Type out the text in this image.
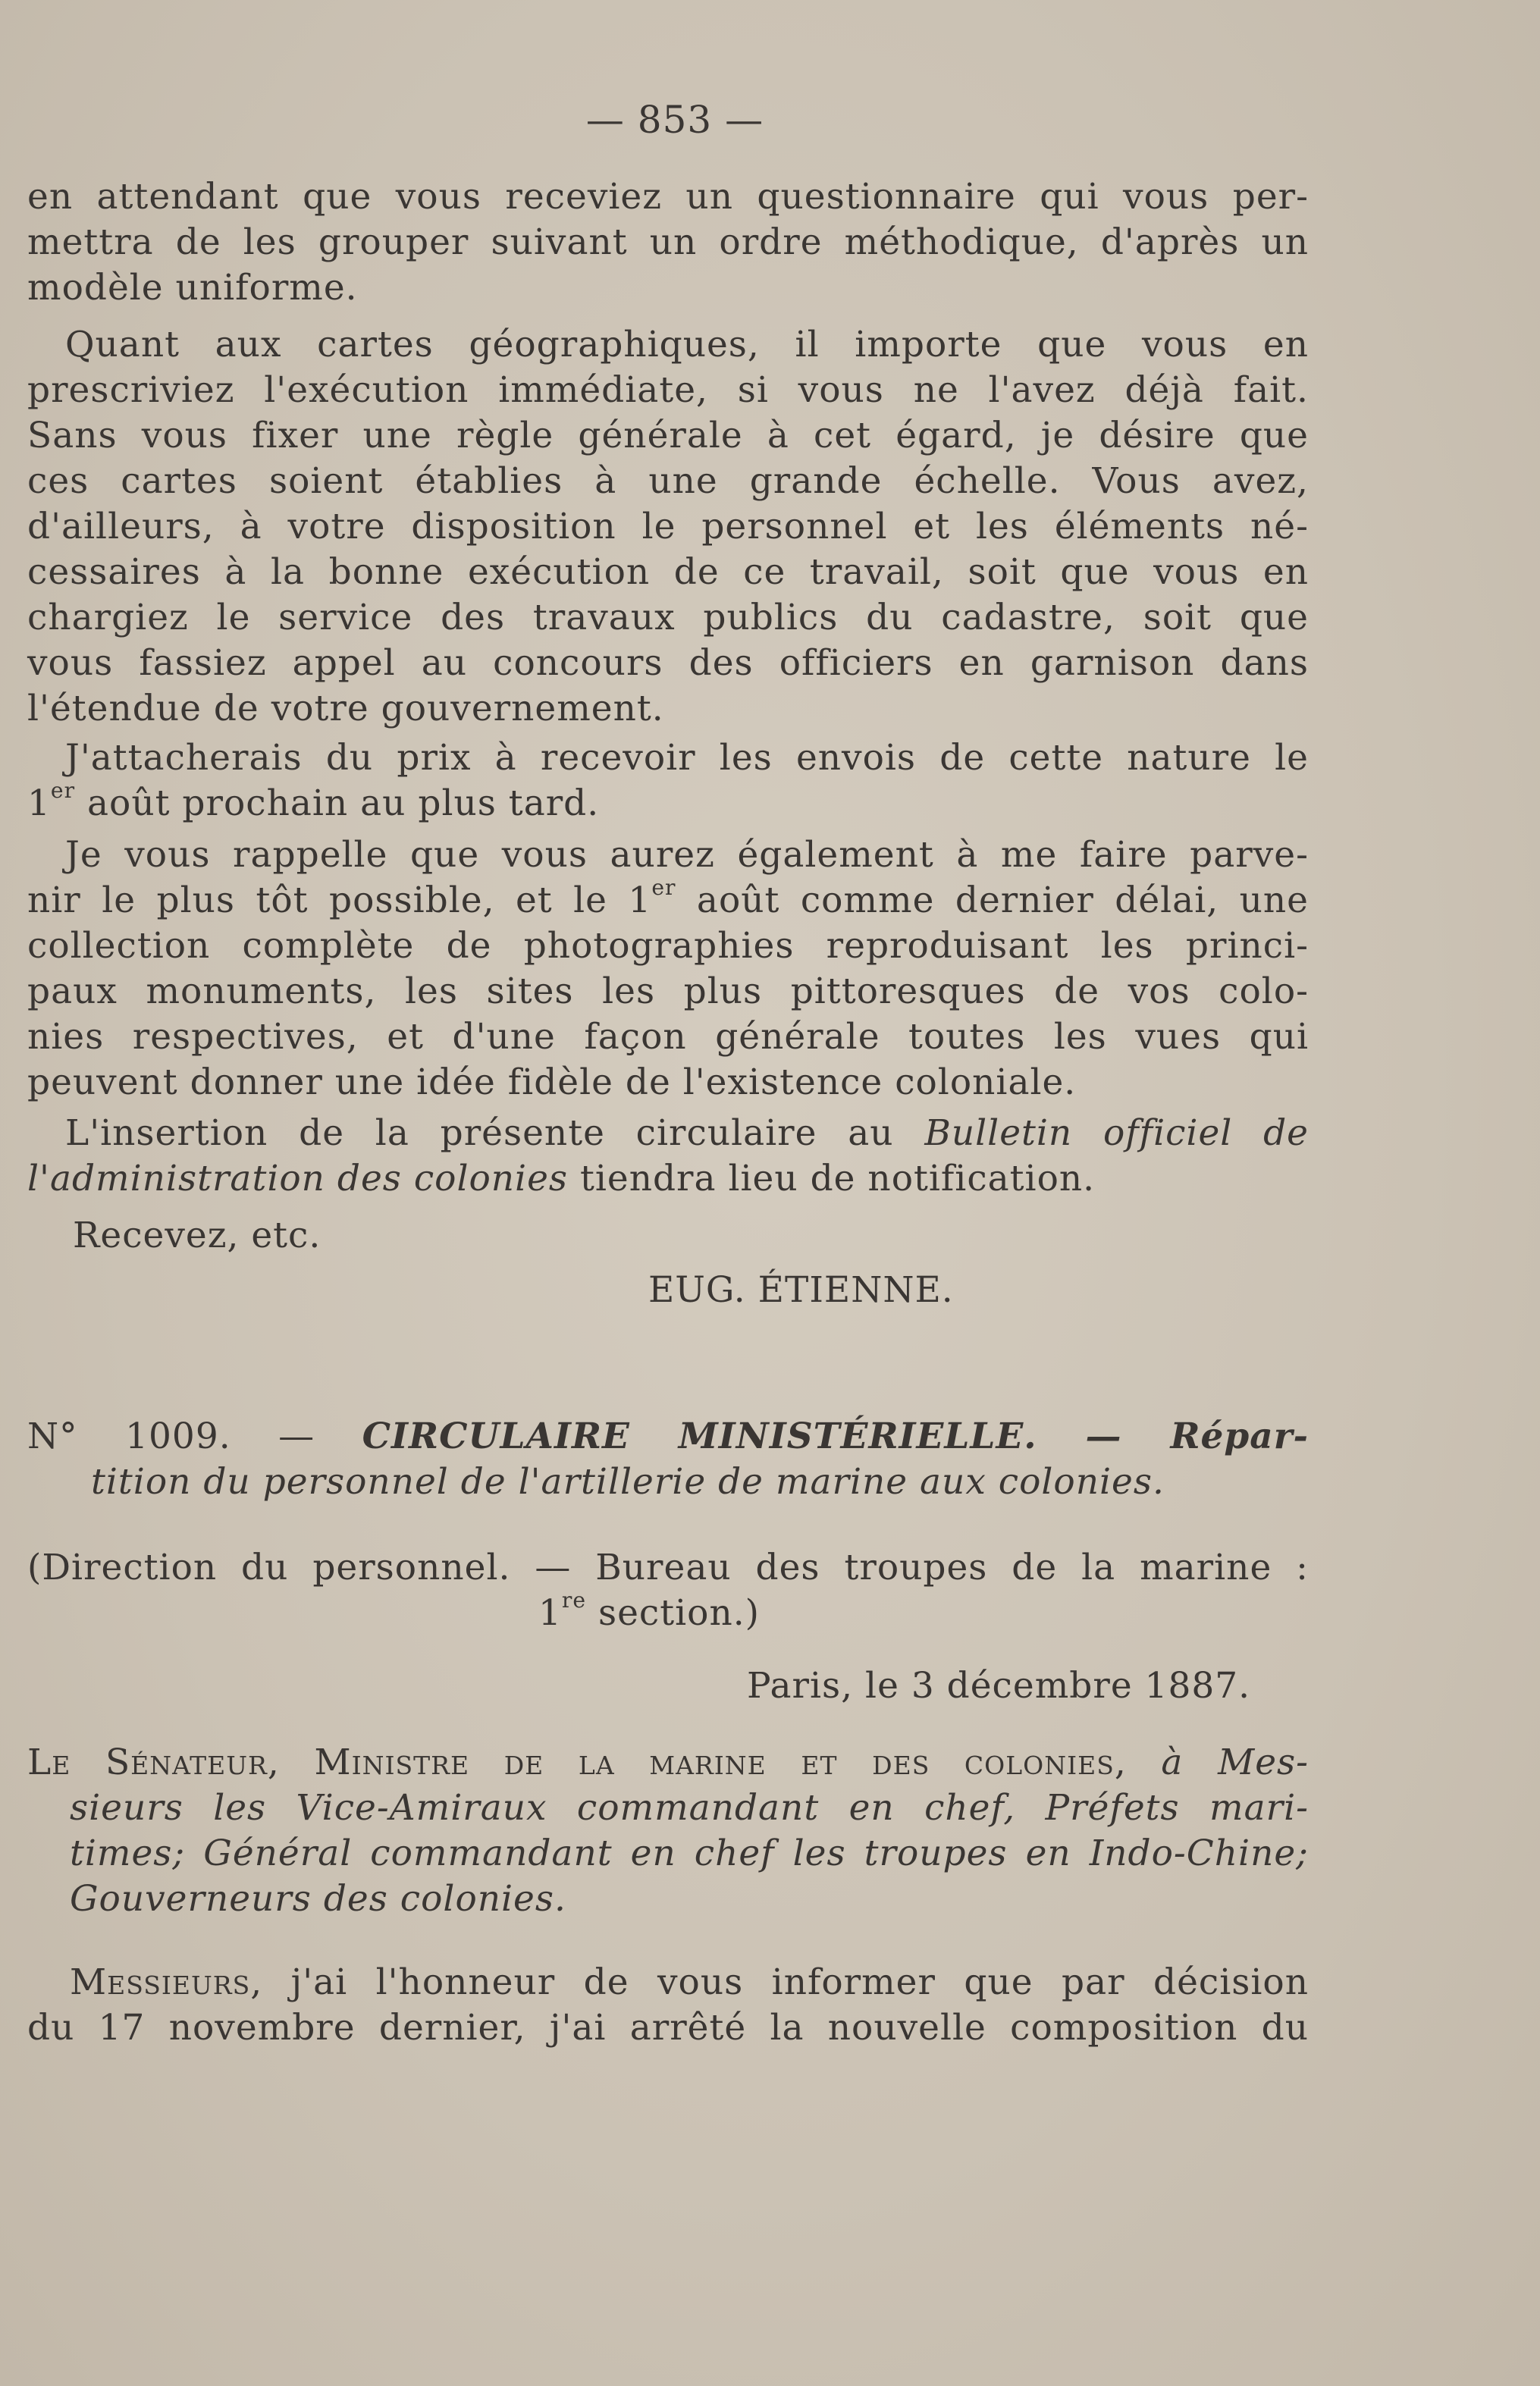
— 853 —
en attendant que vous receviez un questionnaire qui vous per-
mettra de les grouper suivant un ordre méthodique, d'après un
modèle uniforme.
Quant aux cartes géographiques, il importe que vous en
prescriviez l'exécution immédiate, si vous ne l'avez déjà fait.
Sans vous fixer une règle générale à cet égard, je désire que
ces cartes soient établies à une grande échelle. Vous avez,
d'ailleurs, à votre disposition le personnel et les éléments né-
cessaires à la bonne exécution de ce travail, soit que vous en
chargiez le service des travaux publics du cadastre, soit que
vous fassiez appel au concours des officiers en garnison dans
l'étendue de votre gouvernement.
J'attacherais du prix à recevoir les envois de cette nature le
1er août prochain au plus tard.
Je vous rappelle que vous aurez également à me faire parve-
nir le plus tôt possible, et le 1er août comme dernier délai, une
collection complète de photographies reproduisant les princi-
paux monuments, les sites les plus pittoresques de vos colo-
nies respectives, et d'une façon générale toutes les vues qui
peuvent donner une idée fidèle de l'existence coloniale.
L'insertion de la présente circulaire au Bulletin officiel de
l'administration des colonies tiendra lieu de notification.
Recevez, etc.
EUG. ÉTIENNE.
N° 1009. — CIRCULAIRE MINISTÉRIELLE. — Répar-
tition du personnel de l'artillerie de marine aux colonies.
(Direction du personnel. — Bureau des troupes de la marine :
1re section.)
Paris, le 3 décembre 1887.
Le Sénateur, Ministre de la marine et des colonies, à Mes-
sieurs les Vice-Amiraux commandant en chef, Préfets mari-
times; Général commandant en chef les troupes en Indo-Chine;
Gouverneurs des colonies.
Messieurs, j'ai l'honneur de vous informer que par décision
du 17 novembre dernier, j'ai arrêté la nouvelle composition du
